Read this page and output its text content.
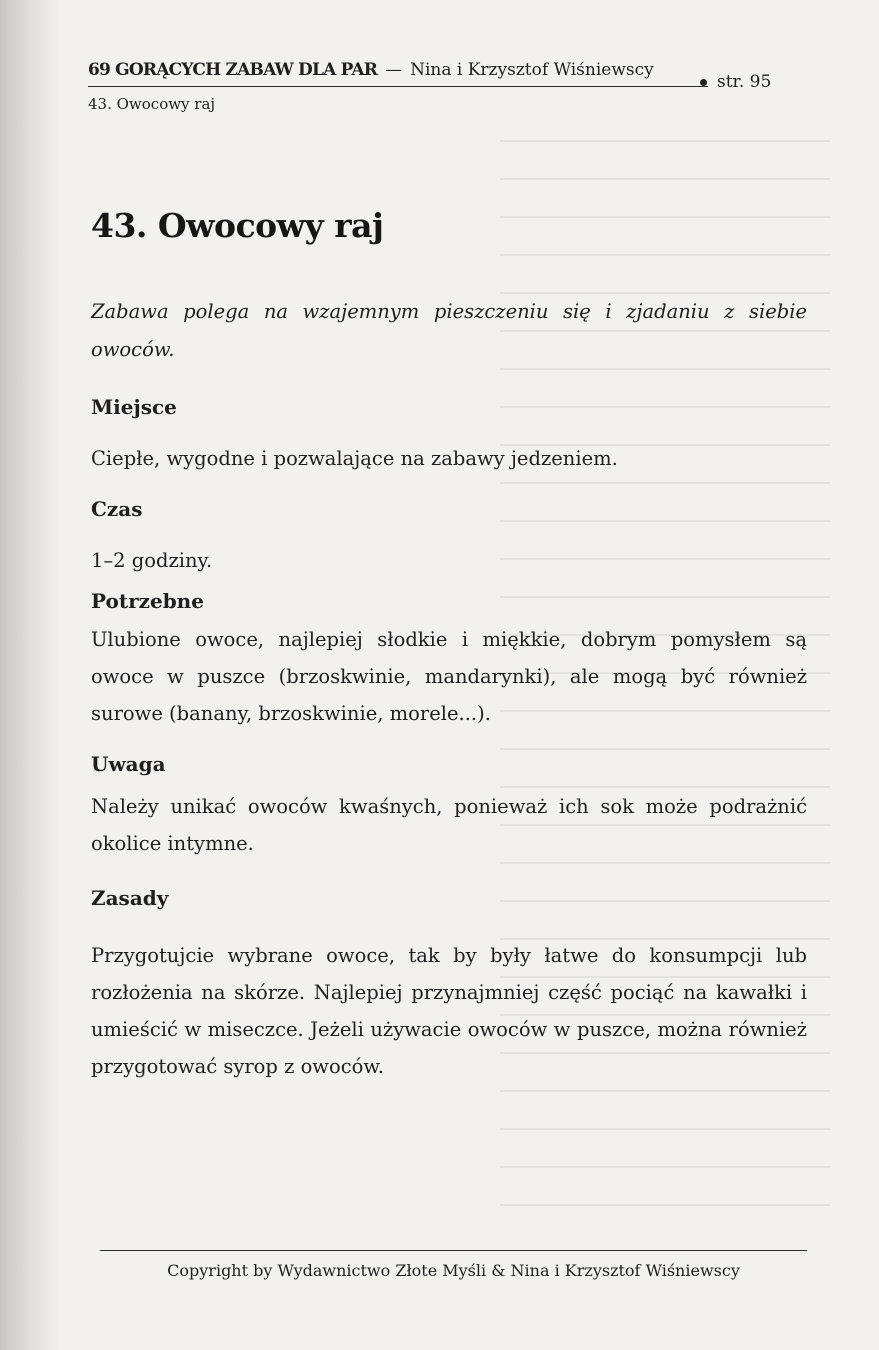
69 GORĄCYCH ZABAW DLA PAR — Nina i Krzysztof Wiśniewscy
43. Owocowy raj
str. 95
43. Owocowy raj
Zabawa polega na wzajemnym pieszczeniu się i zjadaniu z siebie owoców.
Miejsce
Ciepłe, wygodne i pozwalające na zabawy jedzeniem.
Czas
1–2 godziny.
Potrzebne
Ulubione owoce, najlepiej słodkie i miękkie, dobrym pomysłem są owoce w puszce (brzoskwinie, mandarynki), ale mogą być również surowe (banany, brzoskwinie, morele...).
Uwaga
Należy unikać owoców kwaśnych, ponieważ ich sok może podrażnić okolice intymne.
Zasady
Przygotujcie wybrane owoce, tak by były łatwe do konsumpcji lub rozłożenia na skórze. Najlepiej przynajmniej część pociąć na kawałki i umieścić w miseczce. Jeżeli używacie owoców w puszce, można również przygotować syrop z owoców.
Copyright by Wydawnictwo Złote Myśli & Nina i Krzysztof Wiśniewscy
